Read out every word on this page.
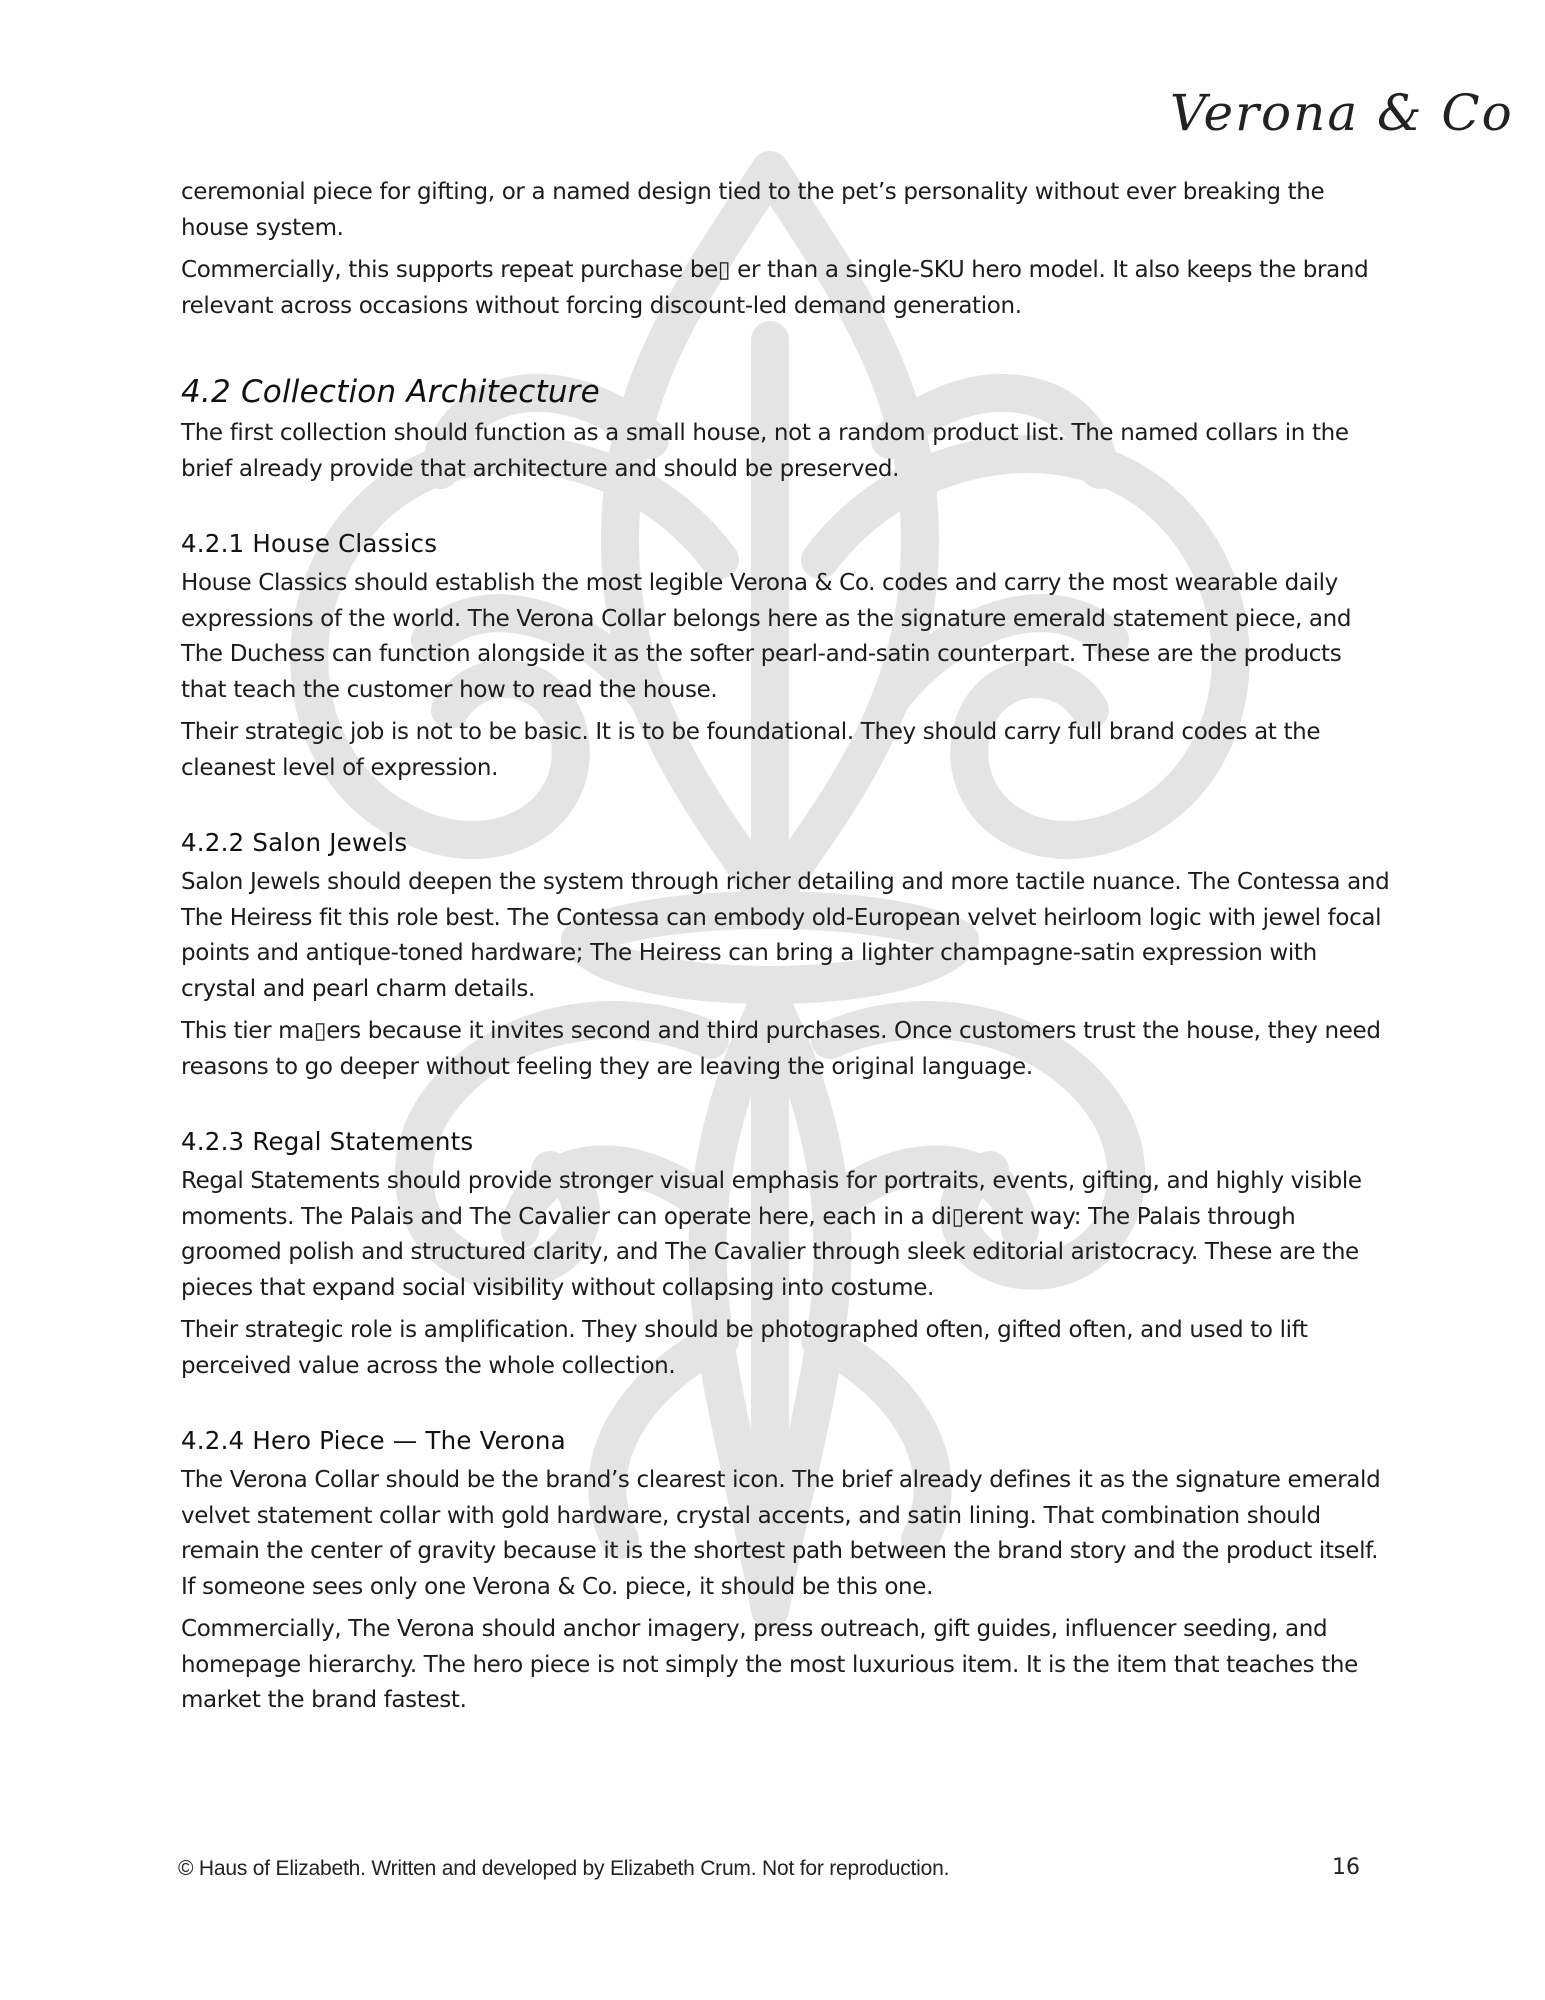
Verona & Co

ceremonial piece for gifting, or a named design tied to the pet’s personality without ever breaking the house system.

Commercially, this supports repeat purchase be▯ er than a single-SKU hero model. It also keeps the brand relevant across occasions without forcing discount-led demand generation.

4.2 Collection Architecture

The first collection should function as a small house, not a random product list. The named collars in the brief already provide that architecture and should be preserved.

4.2.1 House Classics

House Classics should establish the most legible Verona & Co. codes and carry the most wearable daily expressions of the world. The Verona Collar belongs here as the signature emerald statement piece, and The Duchess can function alongside it as the softer pearl-and-satin counterpart. These are the products that teach the customer how to read the house.

Their strategic job is not to be basic. It is to be foundational. They should carry full brand codes at the cleanest level of expression.

4.2.2 Salon Jewels

Salon Jewels should deepen the system through richer detailing and more tactile nuance. The Contessa and The Heiress fit this role best. The Contessa can embody old-European velvet heirloom logic with jewel focal points and antique-toned hardware; The Heiress can bring a lighter champagne-satin expression with crystal and pearl charm details.

This tier ma▯ers because it invites second and third purchases. Once customers trust the house, they need reasons to go deeper without feeling they are leaving the original language.

4.2.3 Regal Statements

Regal Statements should provide stronger visual emphasis for portraits, events, gifting, and highly visible moments. The Palais and The Cavalier can operate here, each in a di▯erent way: The Palais through groomed polish and structured clarity, and The Cavalier through sleek editorial aristocracy. These are the pieces that expand social visibility without collapsing into costume.

Their strategic role is amplification. They should be photographed often, gifted often, and used to lift perceived value across the whole collection.

4.2.4 Hero Piece — The Verona

The Verona Collar should be the brand’s clearest icon. The brief already defines it as the signature emerald velvet statement collar with gold hardware, crystal accents, and satin lining. That combination should remain the center of gravity because it is the shortest path between the brand story and the product itself. If someone sees only one Verona & Co. piece, it should be this one.

Commercially, The Verona should anchor imagery, press outreach, gift guides, influencer seeding, and homepage hierarchy. The hero piece is not simply the most luxurious item. It is the item that teaches the market the brand fastest.

© Haus of Elizabeth. Written and developed by Elizabeth Crum. Not for reproduction.	16
